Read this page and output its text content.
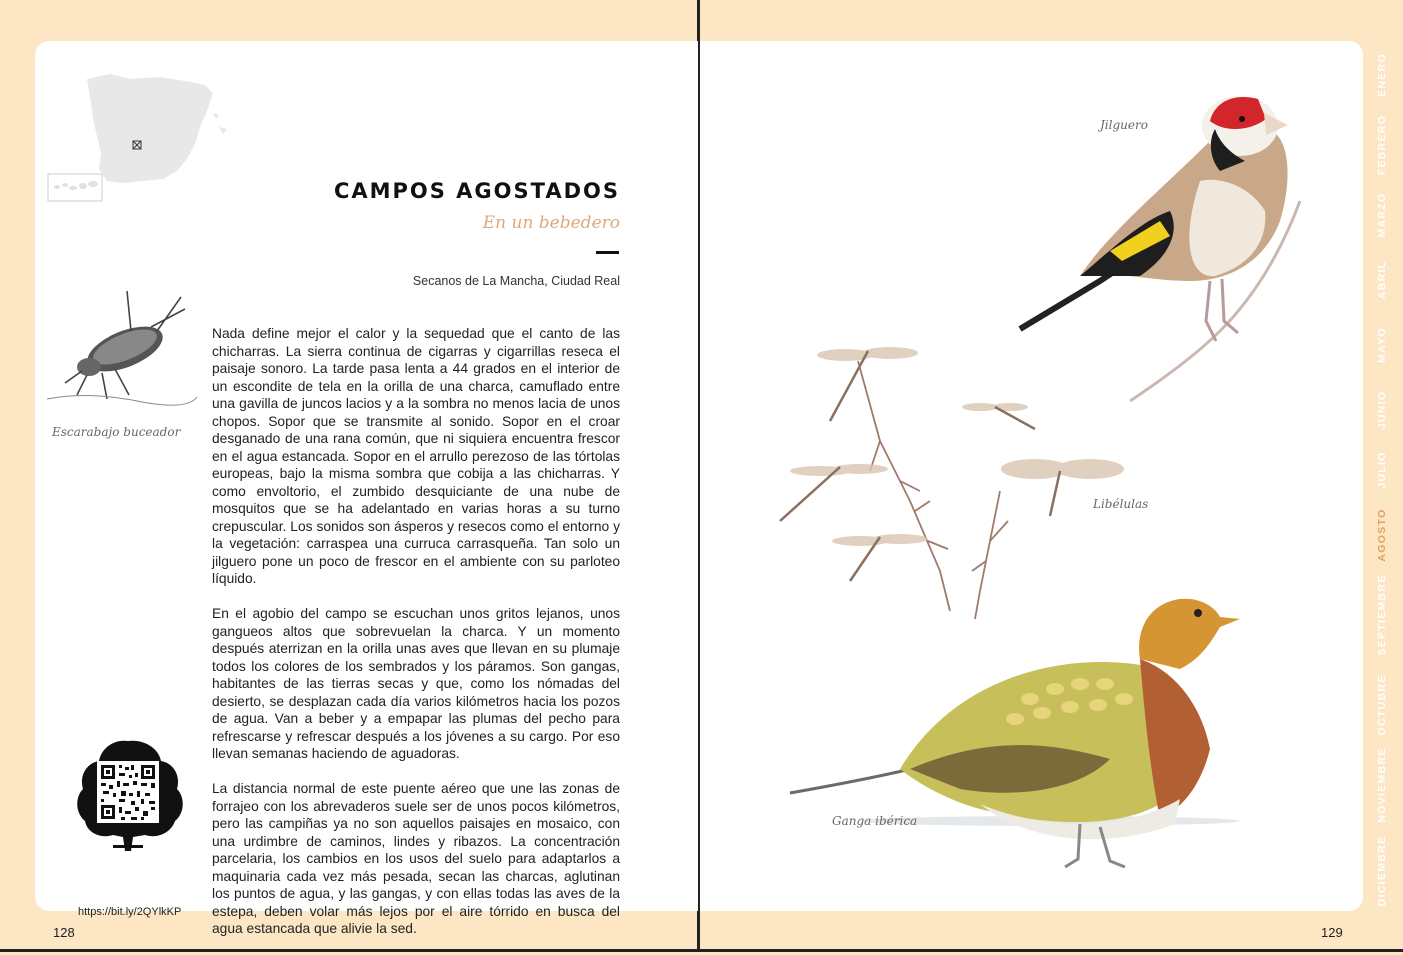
CAMPOS AGOSTADOS
En un bebedero
Secanos de La Mancha, Ciudad Real
Escarabajo buceador

Nada define mejor el calor y la sequedad que el canto de las chicharras. La sierra continua de cigarras y cigarrillas reseca el paisaje sonoro. La tarde pasa lenta a 44 grados en el interior de un escondite de tela en la orilla de una charca, camuflado entre una gavilla de juncos lacios y a la sombra no menos lacia de unos chopos. Sopor que se transmite al sonido. Sopor en el croar desganado de una rana común, que ni siquiera encuentra frescor en el agua estancada. Sopor en el arrullo perezoso de las tórtolas europeas, bajo la misma sombra que cobija a las chicharras. Y como envoltorio, el zumbido desquiciante de una nube de mosquitos que se ha adelantado en varias horas a su turno crepuscular. Los sonidos son ásperos y resecos como el entorno y la vegetación: carraspea una curruca carrasqueña. Tan solo un jilguero pone un poco de frescor en el ambiente con su parloteo líquido.

En el agobio del campo se escuchan unos gritos lejanos, unos gangueos altos que sobrevuelan la charca. Y un momento después aterrizan en la orilla unas aves que llevan en su plumaje todos los colores de los sembrados y los páramos. Son gangas, habitantes de las tierras secas y que, como los nómadas del desierto, se desplazan cada día varios kilómetros hacia los pozos de agua. Van a beber y a empapar las plumas del pecho para refrescarse y refrescar después a los jóvenes a su cargo. Por eso llevan semanas haciendo de aguadoras.

La distancia normal de este puente aéreo que une las zonas de forrajeo con los abrevaderos suele ser de unos pocos kilómetros, pero las campiñas ya no son aquellos paisajes en mosaico, con una urdimbre de caminos, lindes y ribazos. La concentración parcelaria, los cambios en los usos del suelo para adaptarlos a maquinaria cada vez más pesada, secan las charcas, aglutinan los puntos de agua, y las gangas, y con ellas todas las aves de la estepa, deben volar más lejos por el aire tórrido en busca del agua estancada que alivie la sed.

https://bit.ly/2QYlkKP
128
Jilguero
Libélulas
Ganga ibérica
129
ENERO
FEBRERO
MARZO
ABRIL
MAYO
JUNIO
JULIO
AGOSTO
SEPTIEMBRE
OCTUBRE
NOVIEMBRE
DICIEMBRE
